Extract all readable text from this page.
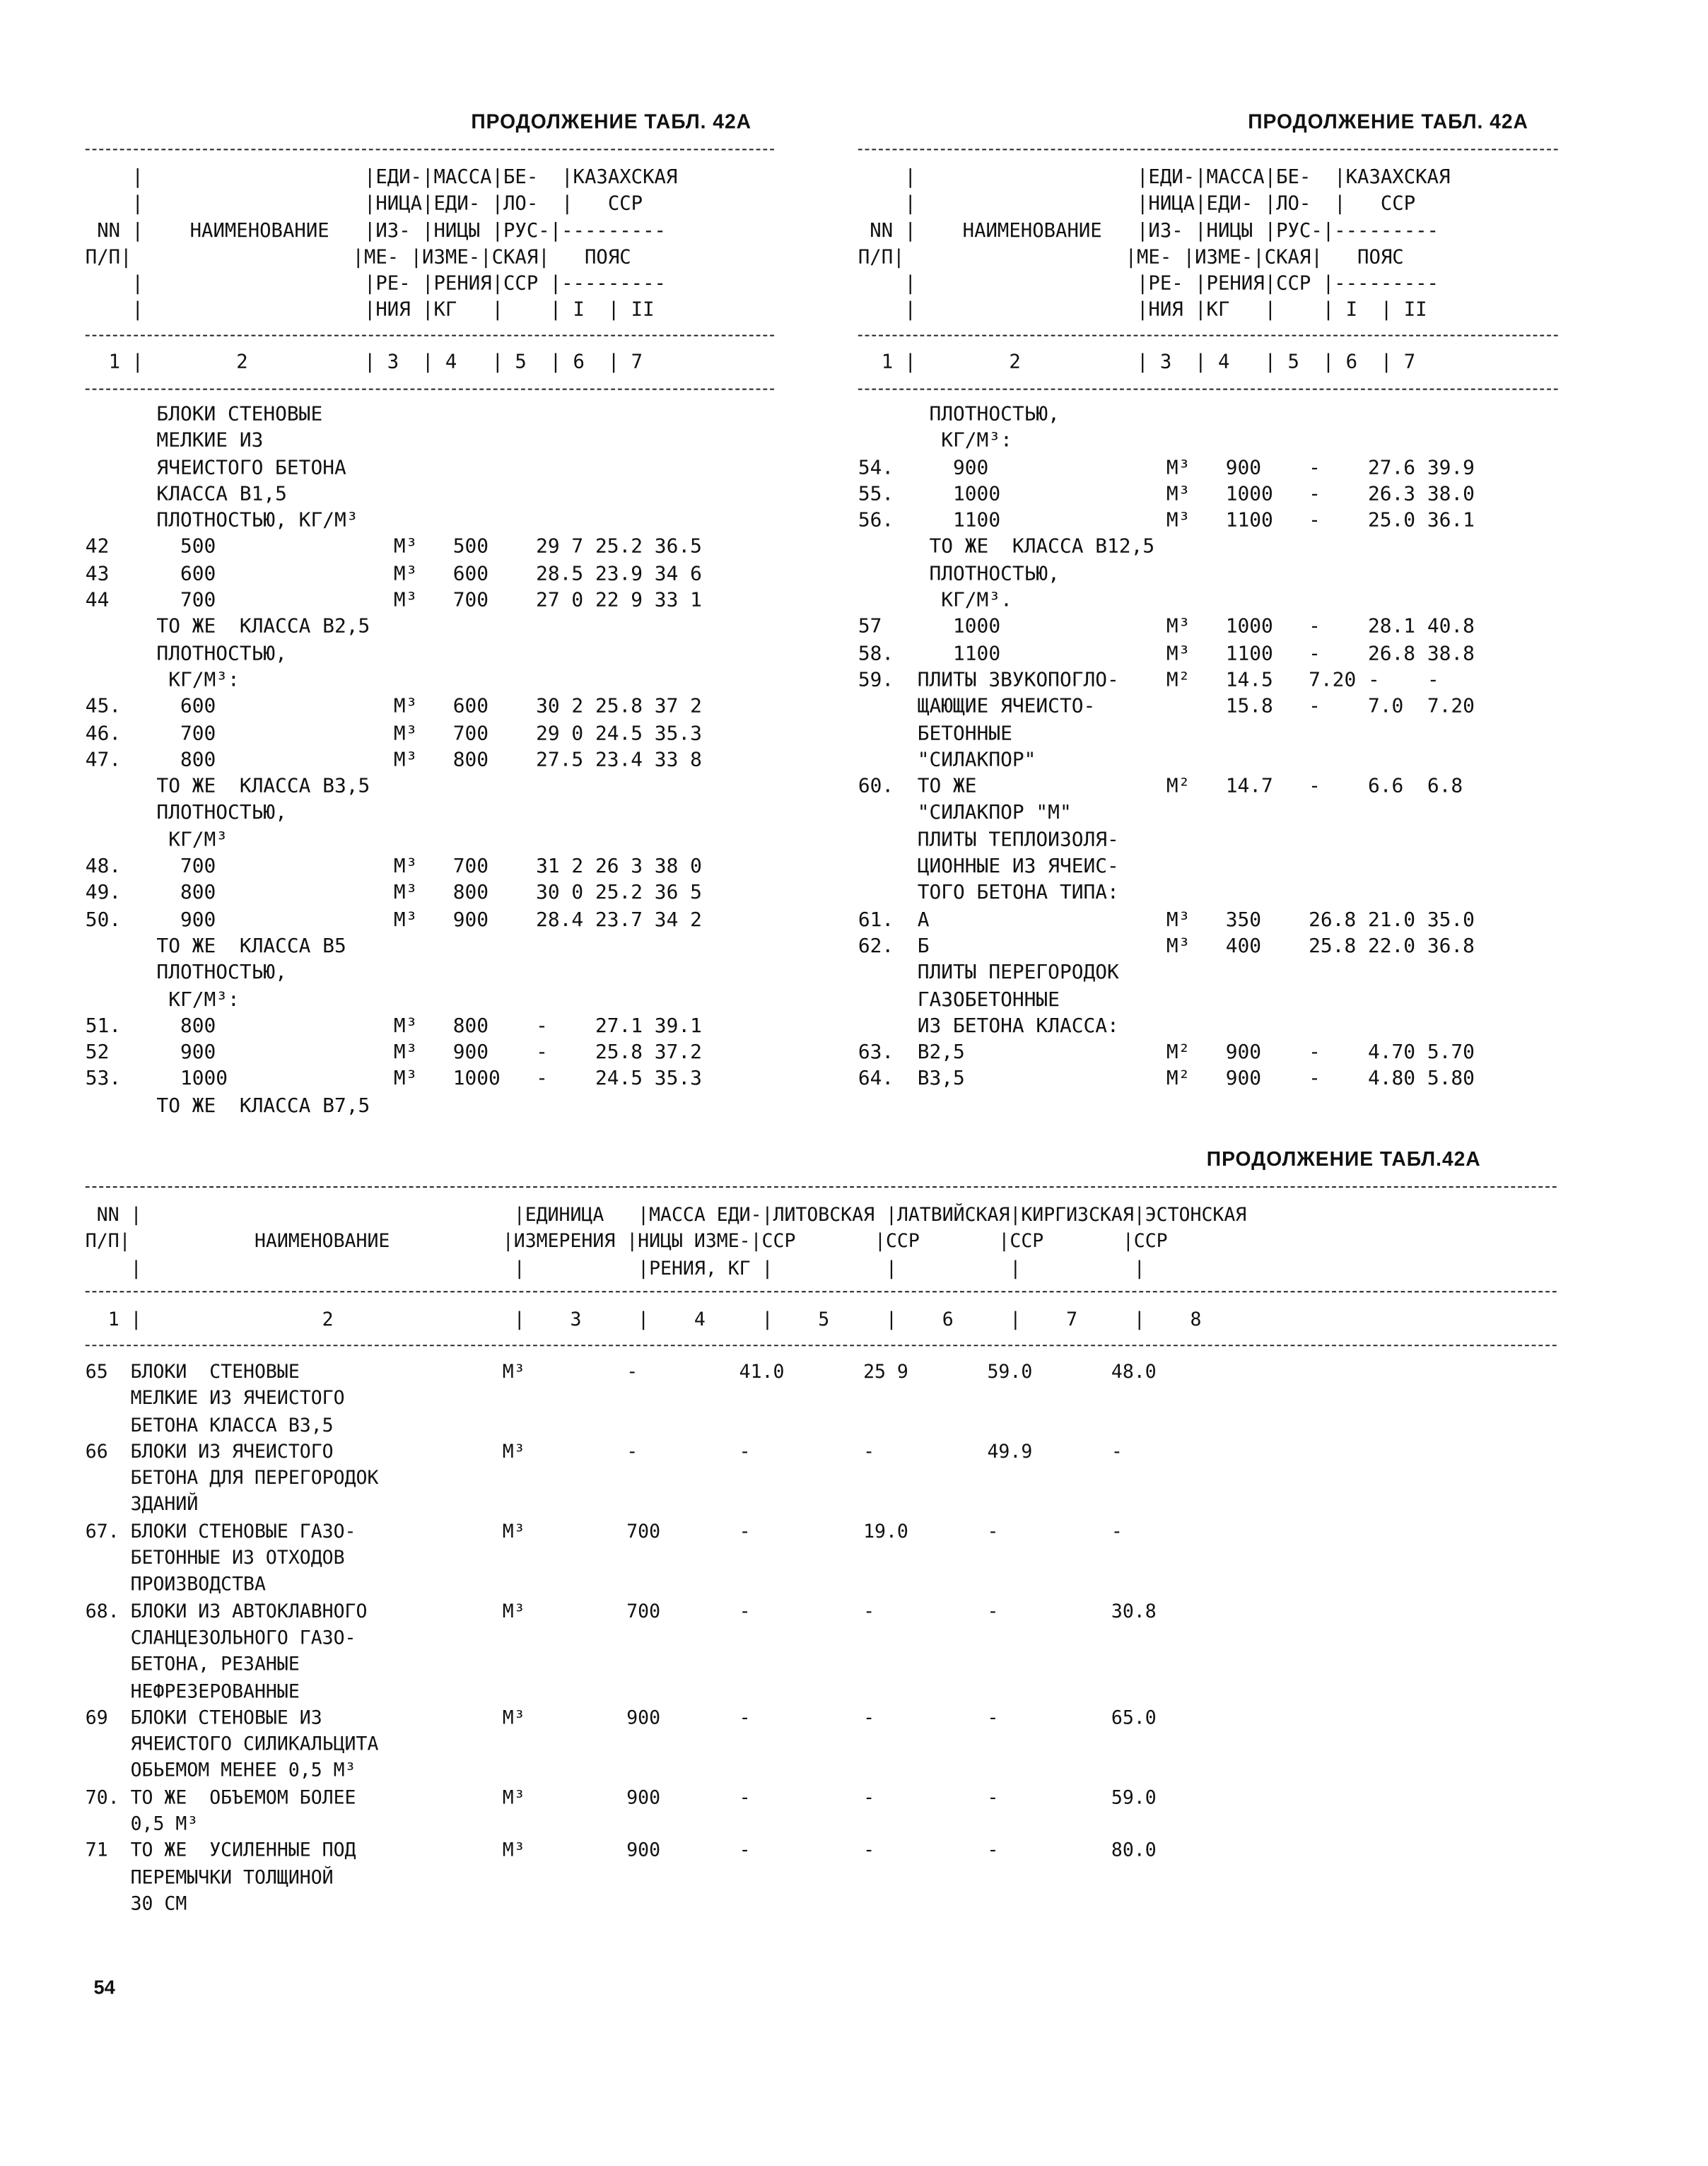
ПРОДОЛЖЕНИЕ ТАБЛ. 42А
|                   |ЕДИ-|МАССА|БЕ-  |КАЗАХСКАЯ
|                   |НИЦА|ЕДИ- |ЛО-  |   ССР
NN |    НАИМЕНОВАНИЕ   |ИЗ- |НИЦЫ |РУС-|---------
П/П|                   |МЕ- |ИЗМЕ-|СКАЯ|   ПОЯС
|                   |РЕ- |РЕНИЯ|ССР |---------
|                   |НИЯ |КГ   |    | I  | II
1 |        2          | 3  | 4   | 5  | 6  | 7
БЛОКИ СТЕНОВЫЕ
МЕЛКИЕ ИЗ
ЯЧЕИСТОГО БЕТОНА
КЛАССА В1,5
ПЛОТНОСТЬЮ, КГ/М³
42      500               М³   500    29 7 25.2 36.5
43      600               М³   600    28.5 23.9 34 6
44      700               М³   700    27 0 22 9 33 1
ТО ЖЕ  КЛАССА В2,5
ПЛОТНОСТЬЮ,
КГ/М³:
45.     600               М³   600    30 2 25.8 37 2
46.     700               М³   700    29 0 24.5 35.3
47.     800               М³   800    27.5 23.4 33 8
ТО ЖЕ  КЛАССА В3,5
ПЛОТНОСТЬЮ,
КГ/М³
48.     700               М³   700    31 2 26 3 38 0
49.     800               М³   800    30 0 25.2 36 5
50.     900               М³   900    28.4 23.7 34 2
ТО ЖЕ  КЛАССА В5
ПЛОТНОСТЬЮ,
КГ/М³:
51.     800               М³   800    -    27.1 39.1
52      900               М³   900    -    25.8 37.2
53.     1000              М³   1000   -    24.5 35.3
ТО ЖЕ  КЛАССА В7,5
ПРОДОЛЖЕНИЕ ТАБЛ. 42А
|                   |ЕДИ-|МАССА|БЕ-  |КАЗАХСКАЯ
|                   |НИЦА|ЕДИ- |ЛО-  |   ССР
NN |    НАИМЕНОВАНИЕ   |ИЗ- |НИЦЫ |РУС-|---------
П/П|                   |МЕ- |ИЗМЕ-|СКАЯ|   ПОЯС
|                   |РЕ- |РЕНИЯ|ССР |---------
|                   |НИЯ |КГ   |    | I  | II
1 |        2          | 3  | 4   | 5  | 6  | 7
ПЛОТНОСТЬЮ,
КГ/М³:
54.     900               М³   900    -    27.6 39.9
55.     1000              М³   1000   -    26.3 38.0
56.     1100              М³   1100   -    25.0 36.1
ТО ЖЕ  КЛАССА В12,5
ПЛОТНОСТЬЮ,
КГ/М³.
57      1000              М³   1000   -    28.1 40.8
58.     1100              М³   1100   -    26.8 38.8
59.  ПЛИТЫ ЗВУКОПОГЛО-    М²   14.5   7.20 -    -
ЩАЮЩИЕ ЯЧЕИСТО-           15.8   -    7.0  7.20
БЕТОННЫЕ
"СИЛАКПОР"
60.  ТО ЖЕ                М²   14.7   -    6.6  6.8
"СИЛАКПОР "М"
ПЛИТЫ ТЕПЛОИЗОЛЯ-
ЦИОННЫЕ ИЗ ЯЧЕИС-
ТОГО БЕТОНА ТИПА:
61.  А                    М³   350    26.8 21.0 35.0
62.  Б                    М³   400    25.8 22.0 36.8
ПЛИТЫ ПЕРЕГОРОДОК
ГАЗОБЕТОННЫЕ
ИЗ БЕТОНА КЛАССА:
63.  В2,5                 М²   900    -    4.70 5.70
64.  В3,5                 М²   900    -    4.80 5.80
ПРОДОЛЖЕНИЕ ТАБЛ.42А
NN |                                 |ЕДИНИЦА   |МАССА ЕДИ-|ЛИТОВСКАЯ |ЛАТВИЙСКАЯ|КИРГИЗСКАЯ|ЭСТОНСКАЯ
П/П|           НАИМЕНОВАНИЕ          |ИЗМЕРЕНИЯ |НИЦЫ ИЗМЕ-|ССР       |ССР       |ССР       |ССР
|                                 |          |РЕНИЯ, КГ |          |          |          |
1 |                2                |    3     |    4     |    5     |    6     |    7     |    8
65  БЛОКИ  СТЕНОВЫЕ                  М³         -         41.0       25 9       59.0       48.0
МЕЛКИЕ ИЗ ЯЧЕИСТОГО
БЕТОНА КЛАССА В3,5
66  БЛОКИ ИЗ ЯЧЕИСТОГО               М³         -         -          -          49.9       -
БЕТОНА ДЛЯ ПЕРЕГОРОДОК
ЗДАНИЙ
67. БЛОКИ СТЕНОВЫЕ ГАЗО-             М³         700       -          19.0       -          -
БЕТОННЫЕ ИЗ ОТХОДОВ
ПРОИЗВОДСТВА
68. БЛОКИ ИЗ АВТОКЛАВНОГО            М³         700       -          -          -          30.8
СЛАНЦЕЗОЛЬНОГО ГАЗО-
БЕТОНА, РЕЗАНЫЕ
НЕФРЕЗЕРОВАННЫЕ
69  БЛОКИ СТЕНОВЫЕ ИЗ                М³         900       -          -          -          65.0
ЯЧЕИСТОГО СИЛИКАЛЬЦИТА
ОБЬЕМОМ МЕНЕЕ 0,5 М³
70. ТО ЖЕ  ОБЪЕМОМ БОЛЕЕ             М³         900       -          -          -          59.0
0,5 М³
71  ТО ЖЕ  УСИЛЕННЫЕ ПОД             М³         900       -          -          -          80.0
ПЕРЕМЫЧКИ ТОЛЩИНОЙ
30 СМ
54
